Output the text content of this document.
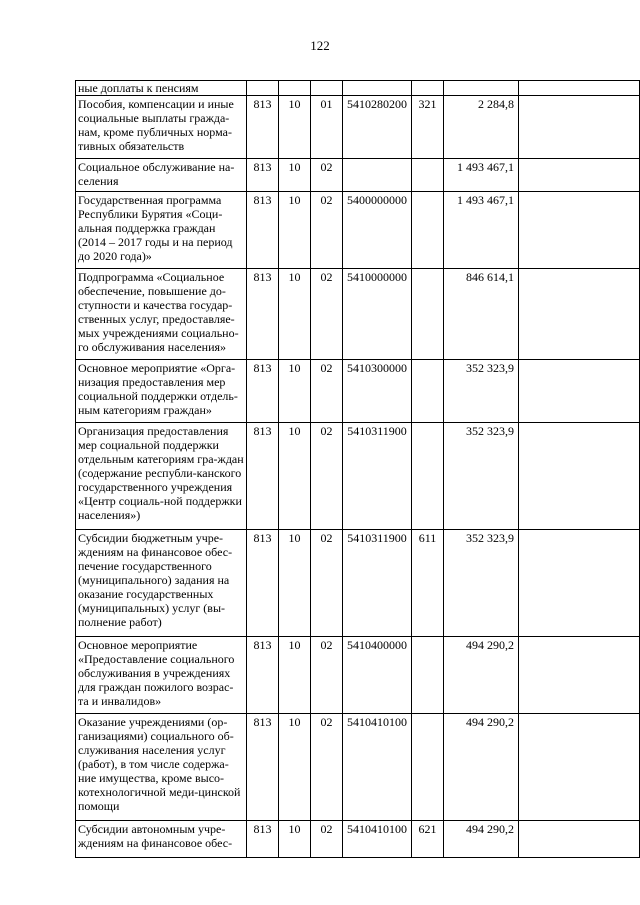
122
ные доплаты к пенсиям							
Пособия, компенсации и иные социальные выплаты граждa-нам, кроме публичных норма-тивных обязательств	813	10	01	5410280200	321	2 284,8	
Социальное обслуживание на-селения	813	10	02			1 493 467,1	
Государственная программа Республики Бурятия «Соци-альная поддержка граждан (2014 – 2017 годы и на период до 2020 года)»	813	10	02	5400000000		1 493 467,1	
Подпрограмма «Социальное обеспечение, повышение до-ступности и качества государ-ственных услуг, предоставляе-мых учреждениями социально-го обслуживания населения»	813	10	02	5410000000		846 614,1	
Основное мероприятие «Орга-низация предоставления мер социальной поддержки отдель-ным категориям граждан»	813	10	02	5410300000		352 323,9	
Организация предоставления мер социальной поддержки отдельным категориям гра-ждан (содержание республи-канского государственного учреждения «Центр социаль-ной поддержки населения»)	813	10	02	5410311900		352 323,9	
Субсидии бюджетным учре-ждениям на финансовое обес-печение государственного (муниципального) задания на оказание государственных (муниципальных) услуг (вы-полнение работ)	813	10	02	5410311900	611	352 323,9	
Основное мероприятие «Предоставление социального обслуживания в учреждениях для граждан пожилого возрас-та и инвалидов»	813	10	02	5410400000		494 290,2	
Оказание учреждениями (ор-ганизациями) социального об-служивания населения услуг (работ), в том числе содержа-ние имущества, кроме высо-котехнологичной меди-цинской помощи	813	10	02	5410410100		494 290,2	
Субсидии автономным учре-ждениям на финансовое обес-	813	10	02	5410410100	621	494 290,2	
